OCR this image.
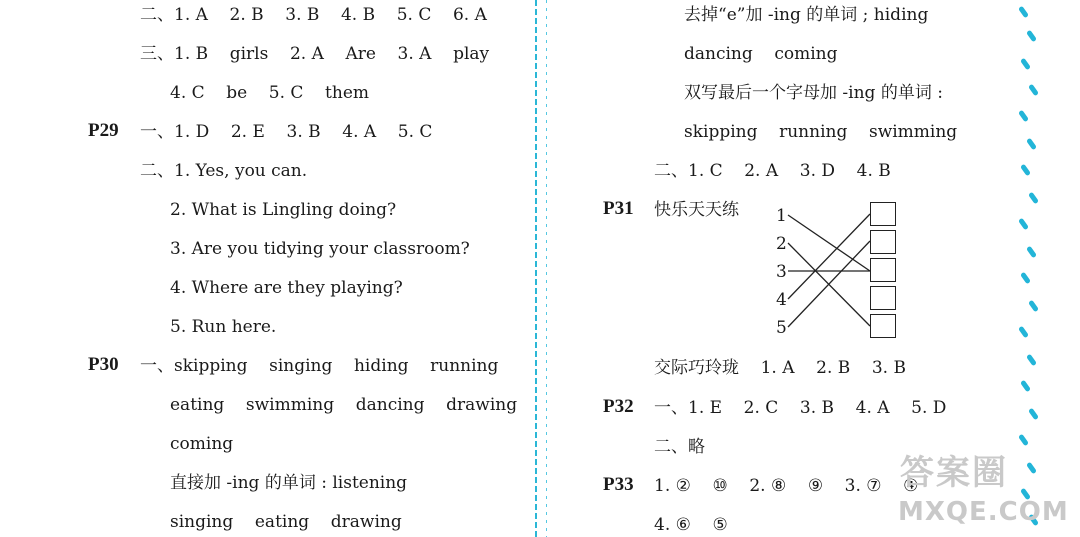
二、1. A    2. B    3. B    4. B    5. C    6. A
三、1. B    girls    2. A    Are    3. A    play
4. C    be    5. C    them
P29 一、1. D    2. E    3. B    4. A    5. C
二、1. Yes, you can.
2. What is Lingling doing?
3. Are you tidying your classroom?
4. Where are they playing?
5. Run here.
P30 一、skipping    singing    hiding    running
eating    swimming    dancing    drawing
coming
直接加 -ing 的单词 : listening
singing    eating    drawing
去掉“e”加 -ing 的单词 ; hiding
dancing    coming
双写最后一个字母加 -ing 的单词 :
skipping    running    swimming
二、1. C    2. A    3. D    4. B
P31 快乐天天练 1
2
3
4
5
交际巧玲珑    1. A    2. B    3. B
P32 一、1. E    2. C    3. B    4. A    5. D
二、略
P33 1. ②    ⑩    2. ⑧    ⑨    3. ⑦    ④
4. ⑥    ⑤
答案圈
MXQE.COM
